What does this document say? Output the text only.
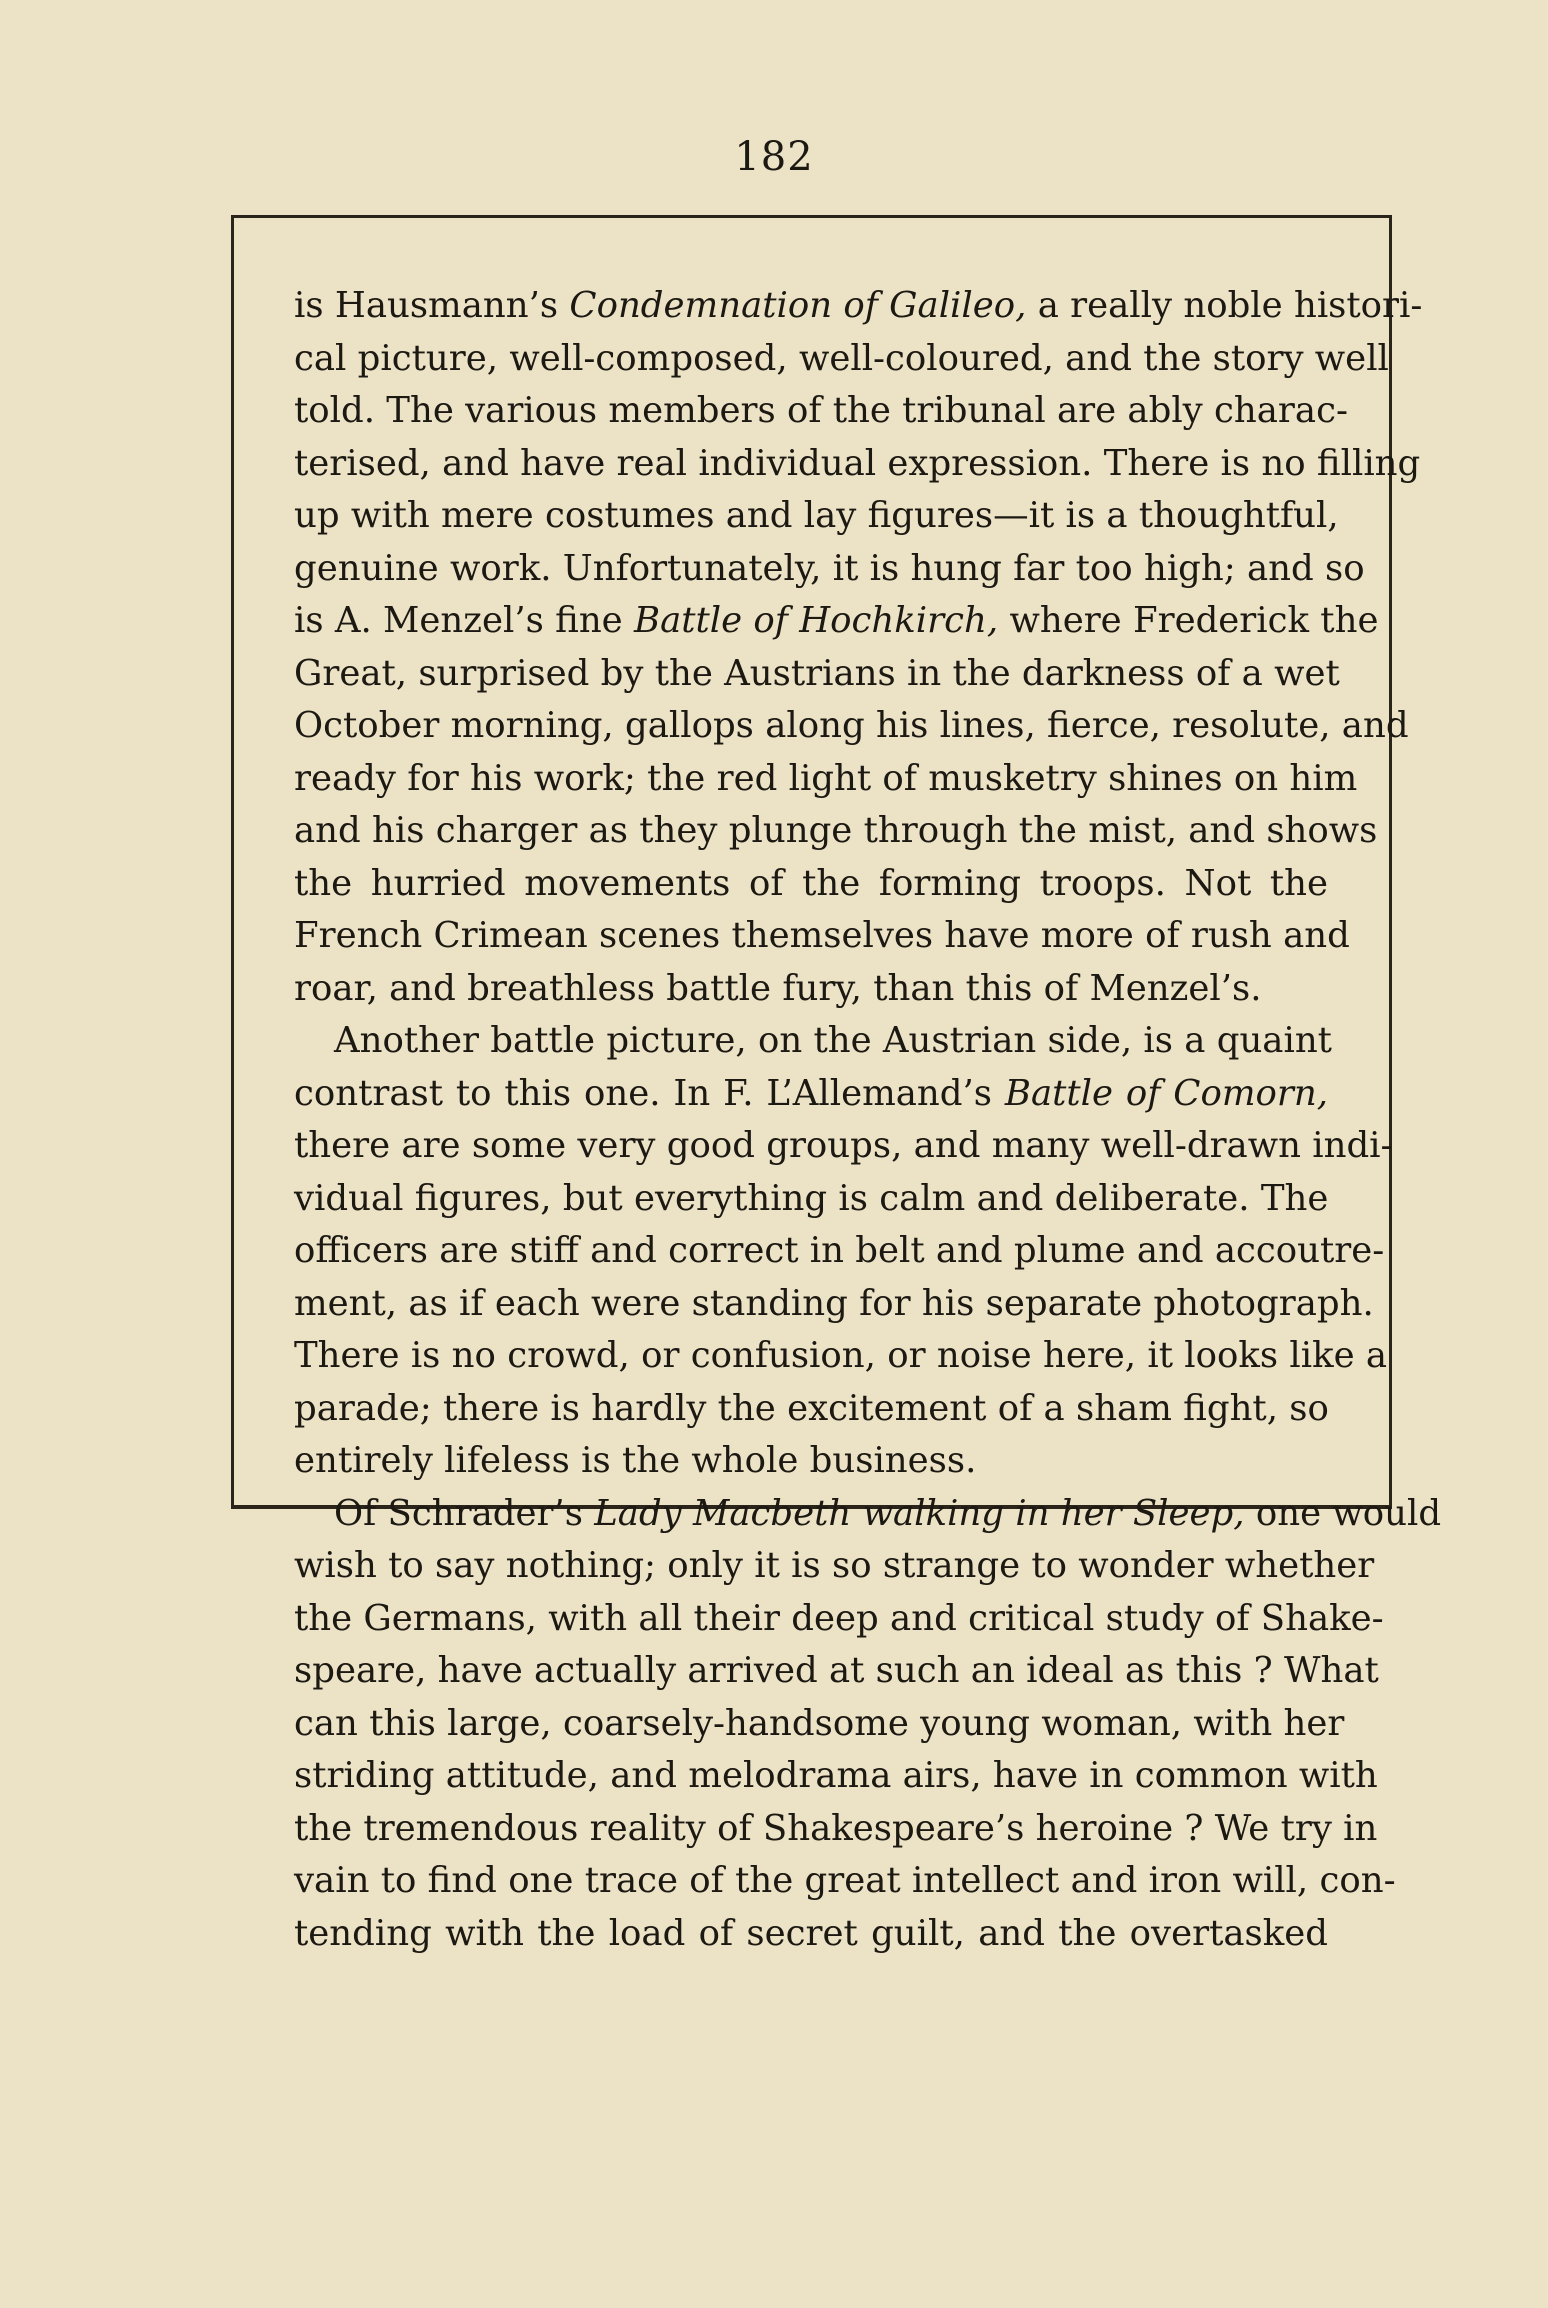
182
is Hausmann’s Condemnation of Galileo, a really noble histori-
cal picture, well-composed, well-coloured, and the story well
told. The various members of the tribunal are ably charac-
terised, and have real individual expression. There is no filling
up with mere costumes and lay figures—it is a thoughtful,
genuine work. Unfortunately, it is hung far too high; and so
is A. Menzel’s fine Battle of Hochkirch, where Frederick the
Great, surprised by the Austrians in the darkness of a wet
October morning, gallops along his lines, fierce, resolute, and
ready for his work; the red light of musketry shines on him
and his charger as they plunge through the mist, and shows
the hurried movements of the forming troops. Not the
French Crimean scenes themselves have more of rush and
roar, and breathless battle fury, than this of Menzel’s.
Another battle picture, on the Austrian side, is a quaint
contrast to this one. In F. L’Allemand’s Battle of Comorn,
there are some very good groups, and many well-drawn indi-
vidual figures, but everything is calm and deliberate. The
officers are stiff and correct in belt and plume and accoutre-
ment, as if each were standing for his separate photograph.
There is no crowd, or confusion, or noise here, it looks like a
parade; there is hardly the excitement of a sham fight, so
entirely lifeless is the whole business.
Of Schrader’s Lady Macbeth walking in her Sleep, one would
wish to say nothing; only it is so strange to wonder whether
the Germans, with all their deep and critical study of Shake-
speare, have actually arrived at such an ideal as this ? What
can this large, coarsely-handsome young woman, with her
striding attitude, and melodrama airs, have in common with
the tremendous reality of Shakespeare’s heroine ? We try in
vain to find one trace of the great intellect and iron will, con-
tending with the load of secret guilt, and the overtasked
